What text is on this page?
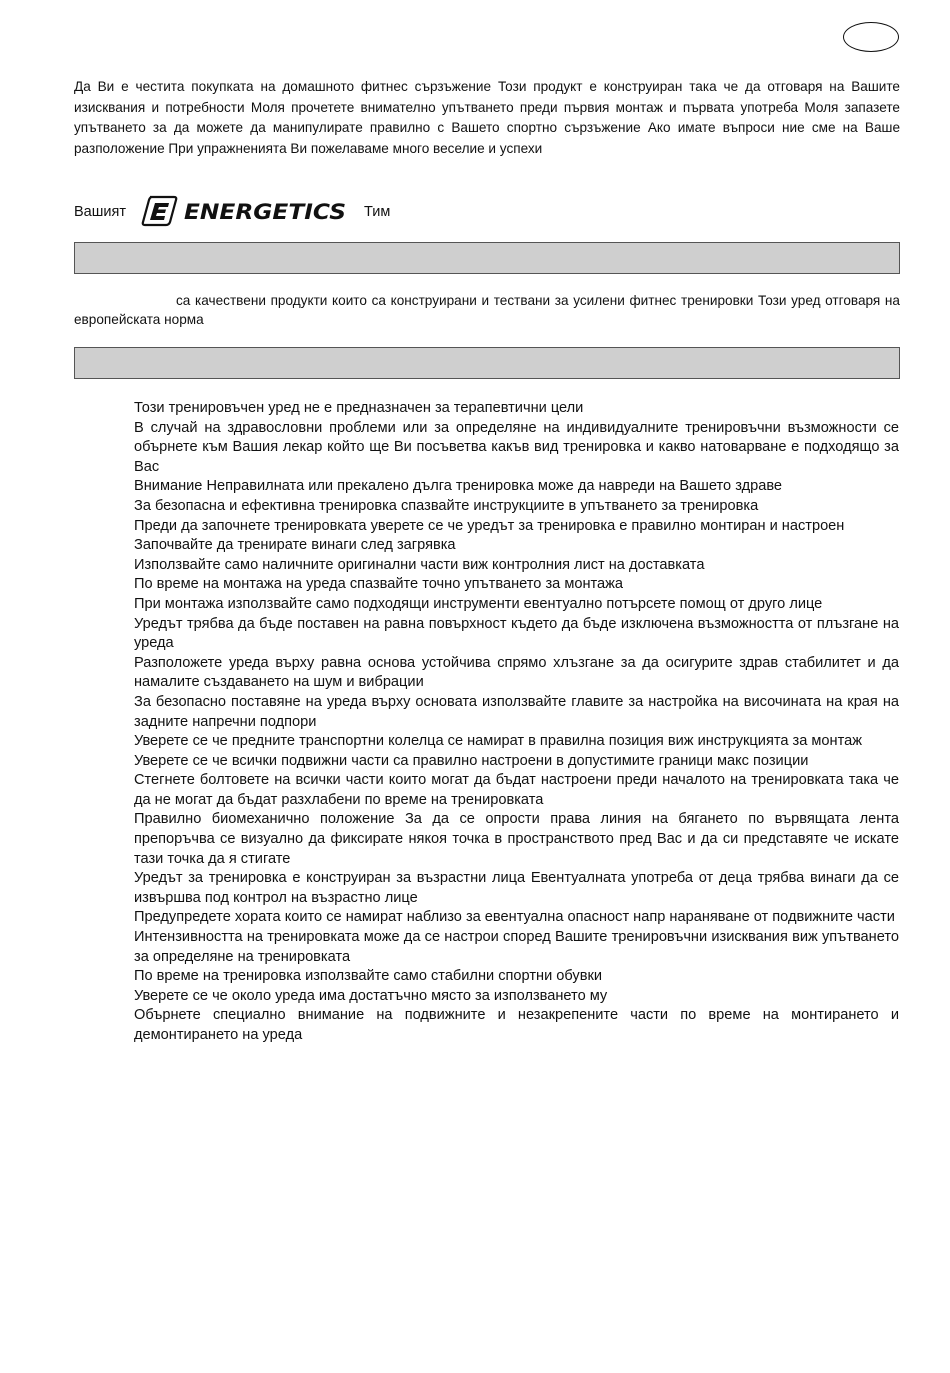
Да Ви е честита покупката на домашното фитнес сързъжение Този продукт е конструиран така че да отговаря на Вашите изисквания и потребности Моля прочетете внимателно упътването преди първия монтаж и първата употреба Моля запазете упътването за да можете да манипулирате правилно с Вашето спортно сързъжение Ако имате въпроси ние сме на Ваше разположение При упражненията Ви пожелаваме много веселие и успехи

Вашият	ENERGETICS Тим

са качествени продукти които са конструирани и тествани за усилени фитнес тренировки Този уред отговаря на европейската норма

Този тренировъчен уред не е предназначен за терапевтични цели
В случай на здравословни проблеми или за определяне на индивидуалните тренировъчни възможности се обърнете към Вашия лекар който ще Ви посъветва какъв вид тренировка и какво натоварване е подходящо за Вас
Внимание Неправилната или прекалено дълга тренировка може да навреди на Вашето здраве
За безопасна и ефективна тренировка спазвайте инструкциите в упътването за тренировка
Преди да започнете тренировката уверете се че уредът за тренировка е правилно монтиран и настроен
Започвайте да тренирате винаги след загрявка
Използвайте само наличните оригинални части виж контролния лист на доставката
По време на монтажа на уреда спазвайте точно упътването за монтажа
При монтажа използвайте само подходящи инструменти евентуално потърсете помощ от друго лице
Уредът трябва да бъде поставен на равна повърхност където да бъде изключена възможността от плъзгане на уреда
Разположете уреда върху равна основа устойчива спрямо хлъзгане за да осигурите здрав стабилитет и да намалите създаването на шум и вибрации
За безопасно поставяне на уреда върху основата използвайте главите за настройка на височината на края на задните напречни подпори
Уверете се че предните транспортни колелца се намират в правилна позиция виж инструкцията за монтаж
Уверете се че всички подвижни части са правилно настроени в допустимите граници макс позиции
Стегнете болтовете на всички части които могат да бъдат настроени преди началото на тренировката така че да не могат да бъдат разхлабени по време на тренировката
Правилно биомеханично положение За да се опрости права линия на бягането по вървящата лента препоръчва се визуално да фиксирате някоя точка в пространството пред Вас и да си представяте че искате тази точка да я стигате
Уредът за тренировка е конструиран за възрастни лица Евентуалната употреба от деца трябва винаги да се извършва под контрол на възрастно лице
Предупредете хората които се намират наблизо за евентуална опасност напр нараняване от подвижните части
Интензивността на тренировката може да се настрои според Вашите тренировъчни изисквания виж упътването за определяне на тренировката
По време на тренировка използвайте само стабилни спортни обувки
Уверете се че около уреда има достатъчно място за използването му
Обърнете специално внимание на подвижните и незакрепените части по време на монтирането и демонтирането на уреда
